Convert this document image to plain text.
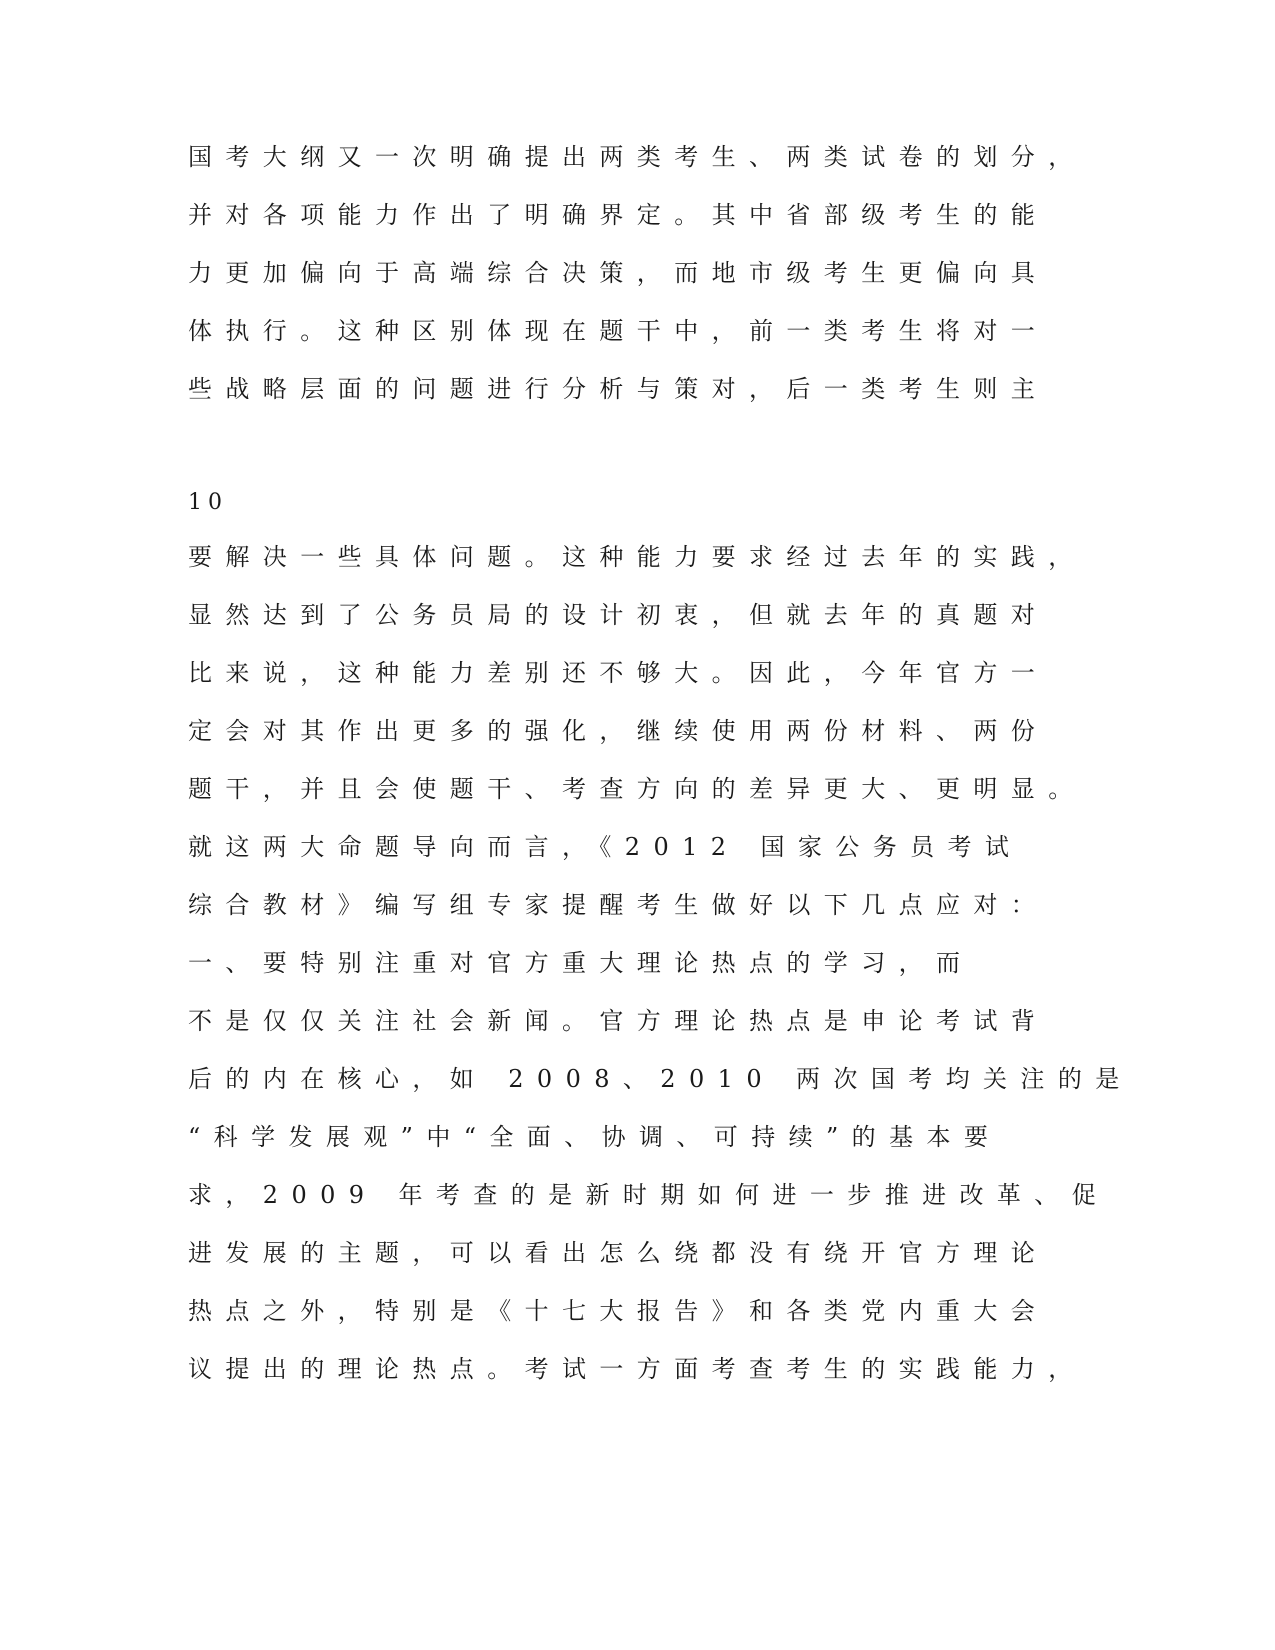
国考大纲又一次明确提出两类考生、两类试卷的划分，
并对各项能力作出了明确界定。其中省部级考生的能
力更加偏向于高端综合决策，而地市级考生更偏向具
体执行。这种区别体现在题干中，前一类考生将对一
些战略层面的问题进行分析与策对，后一类考生则主
10
要解决一些具体问题。这种能力要求经过去年的实践，
显然达到了公务员局的设计初衷，但就去年的真题对
比来说，这种能力差别还不够大。因此，今年官方一
定会对其作出更多的强化，继续使用两份材料、两份
题干，并且会使题干、考查方向的差异更大、更明显。
就这两大命题导向而言，《2012 国家公务员考试
综合教材》编写组专家提醒考生做好以下几点应对：
一、要特别注重对官方重大理论热点的学习，而
不是仅仅关注社会新闻。官方理论热点是申论考试背
后的内在核心，如 2008、2010 两次国考均关注的是
“科学发展观”中“全面、协调、可持续”的基本要
求，2009 年考查的是新时期如何进一步推进改革、促
进发展的主题，可以看出怎么绕都没有绕开官方理论
热点之外，特别是《十七大报告》和各类党内重大会
议提出的理论热点。考试一方面考查考生的实践能力，
